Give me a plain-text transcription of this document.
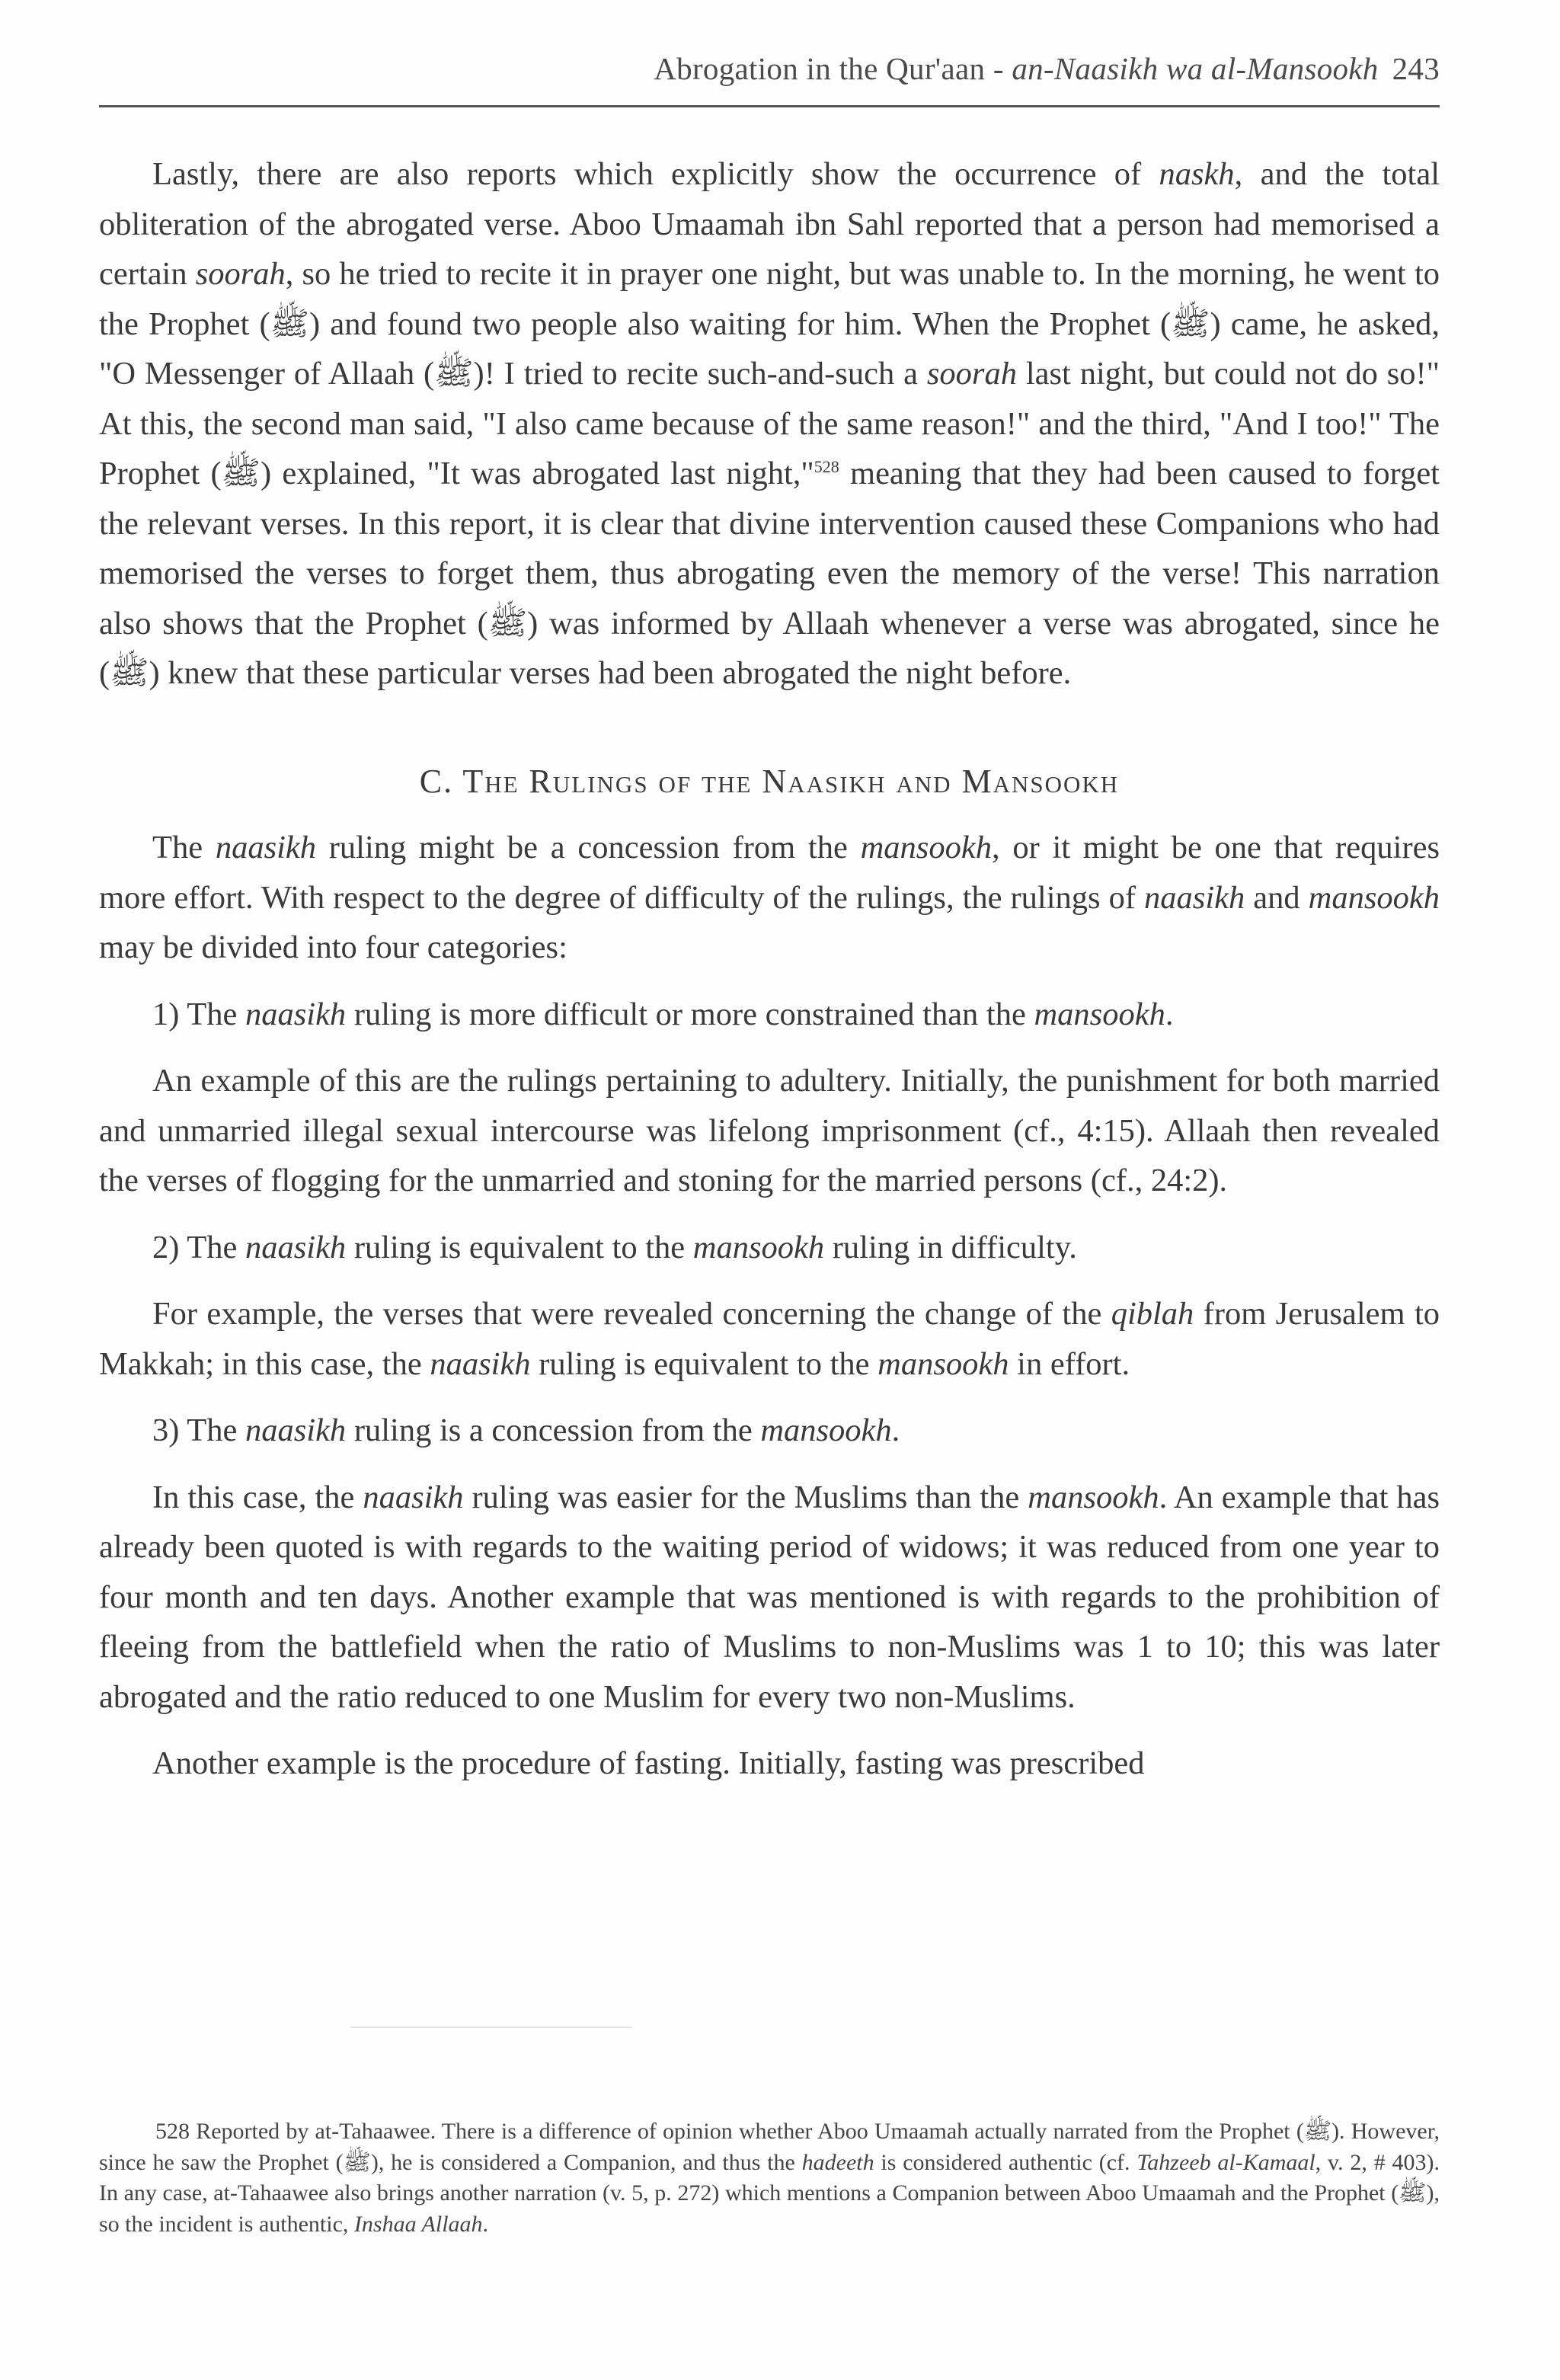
Abrogation in the Qur'aan - an-Naasikh wa al-Mansookh 243

Lastly, there are also reports which explicitly show the occurrence of naskh, and the total obliteration of the abrogated verse. Aboo Umaamah ibn Sahl reported that a person had memorised a certain soorah, so he tried to recite it in prayer one night, but was unable to. In the morning, he went to the Prophet (ﷺ) and found two people also waiting for him. When the Prophet (ﷺ) came, he asked, "O Messenger of Allaah (ﷺ)! I tried to recite such-and-such a soorah last night, but could not do so!" At this, the second man said, "I also came because of the same reason!" and the third, "And I too!" The Prophet (ﷺ) explained, "It was abrogated last night,"$^{528}$ meaning that they had been caused to forget the relevant verses. In this report, it is clear that divine intervention caused these Companions who had memorised the verses to forget them, thus abrogating even the memory of the verse! This narration also shows that the Prophet (ﷺ) was informed by Allaah whenever a verse was abrogated, since he (ﷺ) knew that these particular verses had been abrogated the night before.

C. The Rulings of the Naasikh and Mansookh

The naasikh ruling might be a concession from the mansookh, or it might be one that requires more effort. With respect to the degree of difficulty of the rulings, the rulings of naasikh and mansookh may be divided into four categories:

1) The naasikh ruling is more difficult or more constrained than the mansookh.

An example of this are the rulings pertaining to adultery. Initially, the punishment for both married and unmarried illegal sexual intercourse was lifelong imprisonment (cf., 4:15). Allaah then revealed the verses of flogging for the unmarried and stoning for the married persons (cf., 24:2).

2) The naasikh ruling is equivalent to the mansookh ruling in difficulty.

For example, the verses that were revealed concerning the change of the qiblah from Jerusalem to Makkah; in this case, the naasikh ruling is equivalent to the mansookh in effort.

3) The naasikh ruling is a concession from the mansookh.

In this case, the naasikh ruling was easier for the Muslims than the mansookh. An example that has already been quoted is with regards to the waiting period of widows; it was reduced from one year to four month and ten days. Another example that was mentioned is with regards to the prohibition of fleeing from the battlefield when the ratio of Muslims to non-Muslims was 1 to 10; this was later abrogated and the ratio reduced to one Muslim for every two non-Muslims.

Another example is the procedure of fasting. Initially, fasting was prescribed

528 Reported by at-Tahaawee. There is a difference of opinion whether Aboo Umaamah actually narrated from the Prophet (ﷺ). However, since he saw the Prophet (ﷺ), he is considered a Companion, and thus the hadeeth is considered authentic (cf. Tahzeeb al-Kamaal, v. 2, # 403). In any case, at-Tahaawee also brings another narration (v. 5, p. 272) which mentions a Companion between Aboo Umaamah and the Prophet (ﷺ), so the incident is authentic, Inshaa Allaah.
